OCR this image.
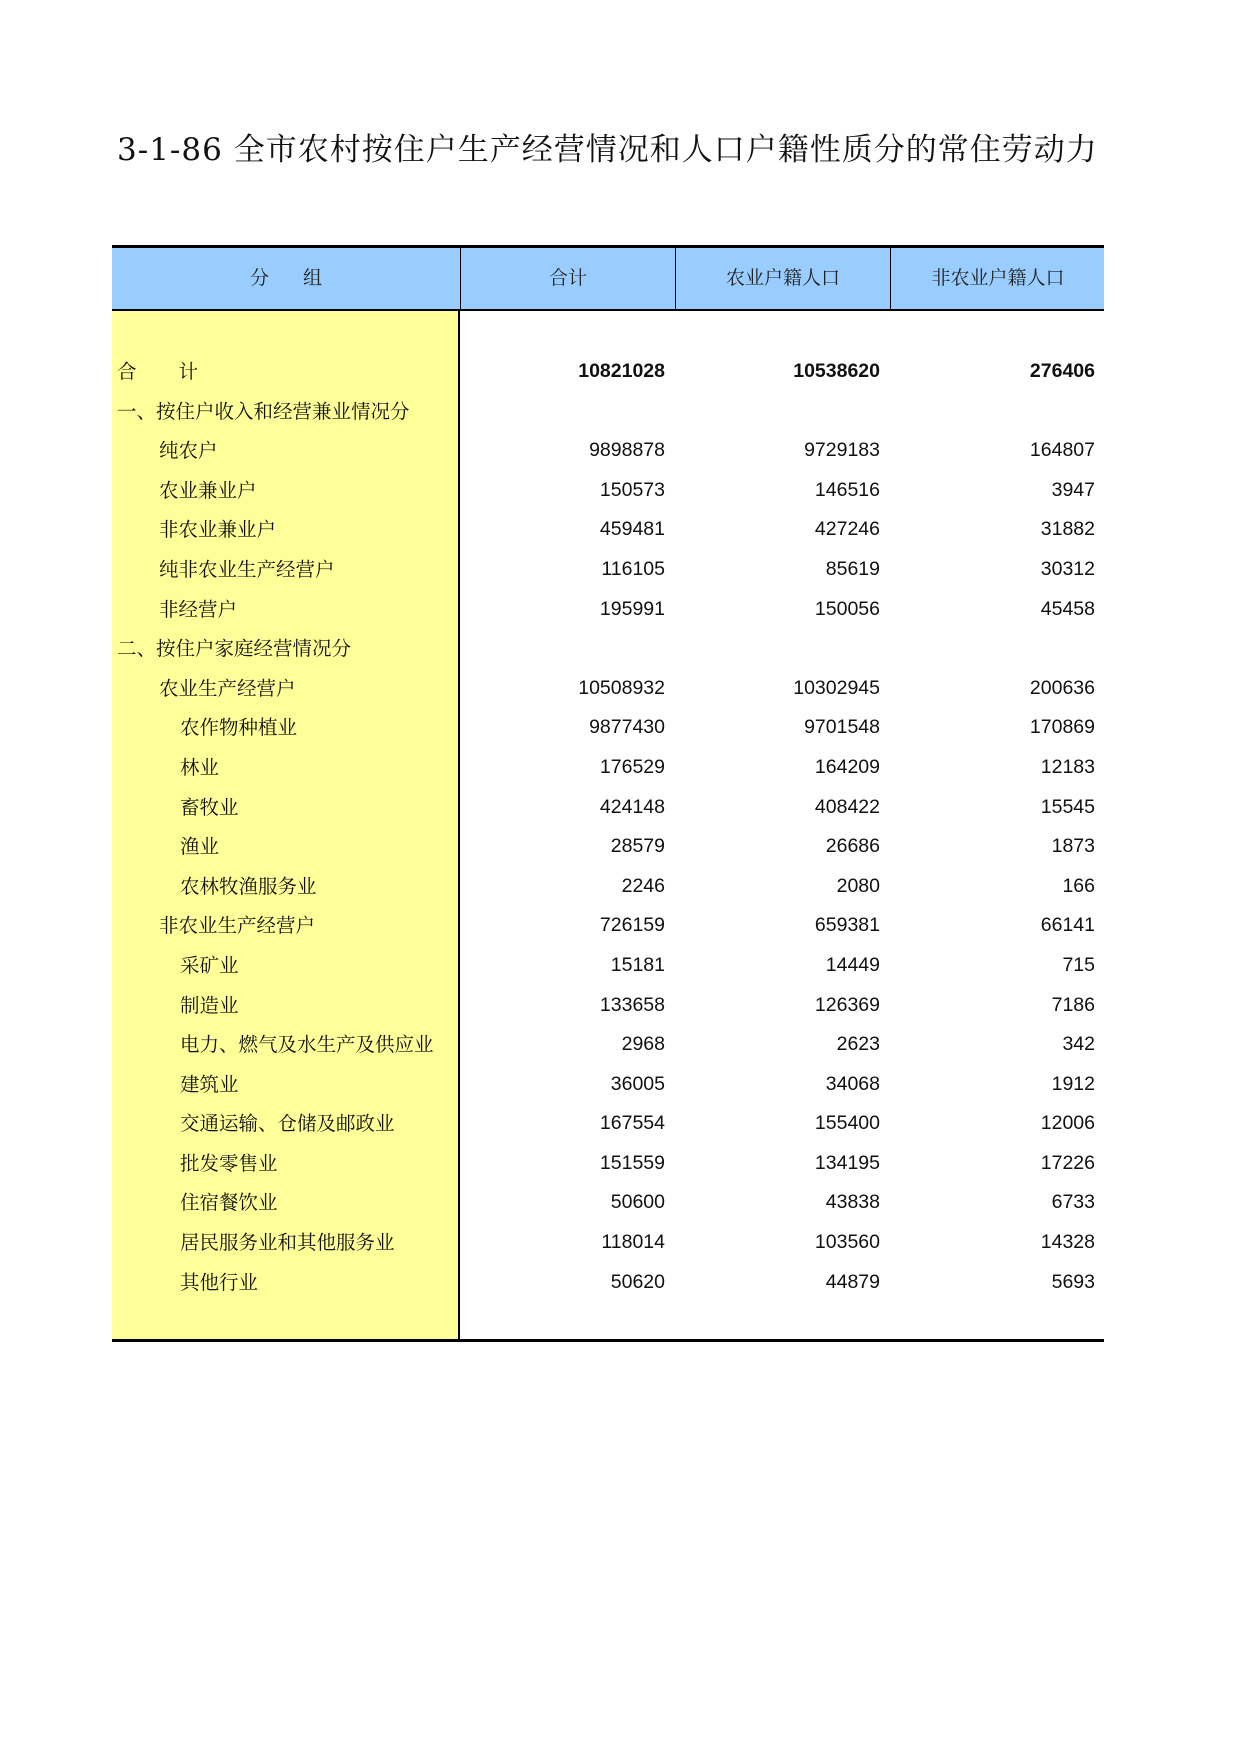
3-1-86 全市农村按住户生产经营情况和人口户籍性质分的常住劳动力
分组	合计	农业户籍人口	非农业户籍人口
合计	10821028	10538620	276406
一、按住户收入和经营兼业情况分
纯农户	9898878	9729183	164807
农业兼业户	150573	146516	3947
非农业兼业户	459481	427246	31882
纯非农业生产经营户	116105	85619	30312
非经营户	195991	150056	45458
二、按住户家庭经营情况分
农业生产经营户	10508932	10302945	200636
农作物种植业	9877430	9701548	170869
林业	176529	164209	12183
畜牧业	424148	408422	15545
渔业	28579	26686	1873
农林牧渔服务业	2246	2080	166
非农业生产经营户	726159	659381	66141
采矿业	15181	14449	715
制造业	133658	126369	7186
电力、燃气及水生产及供应业	2968	2623	342
建筑业	36005	34068	1912
交通运输、仓储及邮政业	167554	155400	12006
批发零售业	151559	134195	17226
住宿餐饮业	50600	43838	6733
居民服务业和其他服务业	118014	103560	14328
其他行业	50620	44879	5693
